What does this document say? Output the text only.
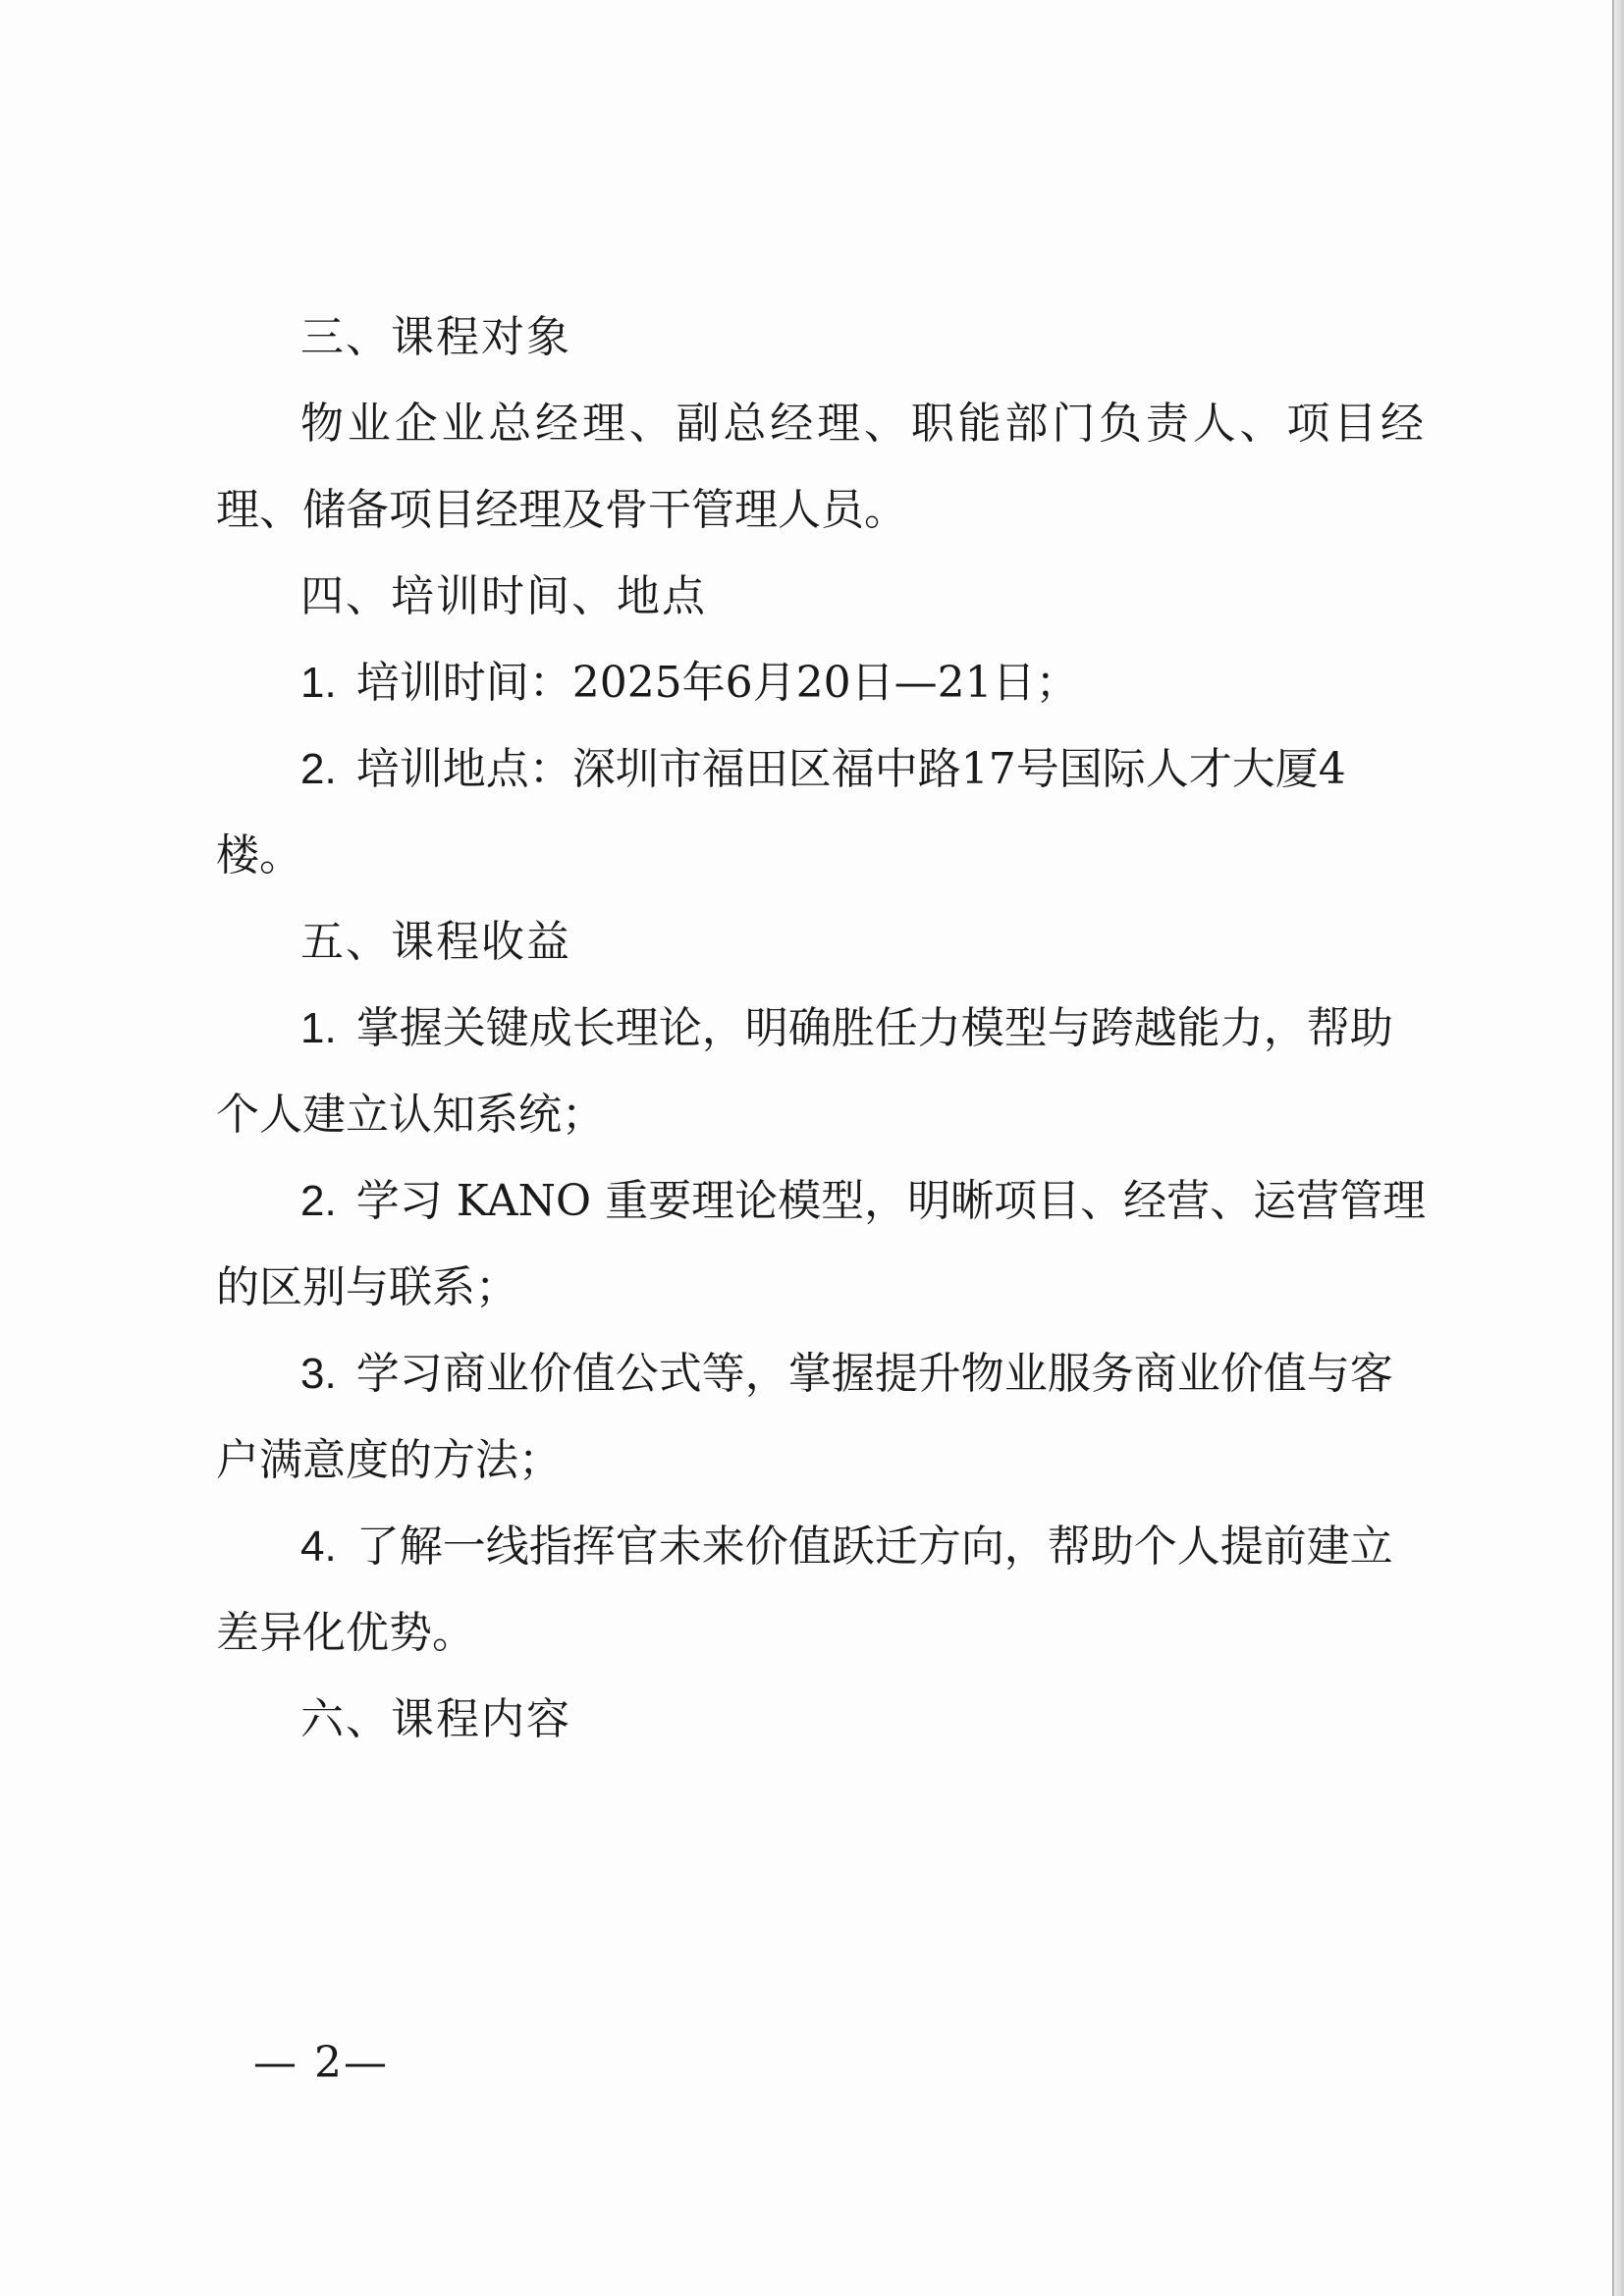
三、课程对象
物业企业总经理、副总经理、职能部门负责人、项目经
理、储备项目经理及骨干管理人员。
四、培训时间、地点
1. 培训时间：2025年6月20日—21日；
2. 培训地点：深圳市福田区福中路17号国际人才大厦4
楼。
五、课程收益
1. 掌握关键成长理论，明确胜任力模型与跨越能力，帮助
个人建立认知系统；
2. 学习 KANO 重要理论模型，明晰项目、经营、运营管理
的区别与联系；
3. 学习商业价值公式等，掌握提升物业服务商业价值与客
户满意度的方法；
4. 了解一线指挥官未来价值跃迁方向，帮助个人提前建立
差异化优势。
六、课程内容
— 2—
